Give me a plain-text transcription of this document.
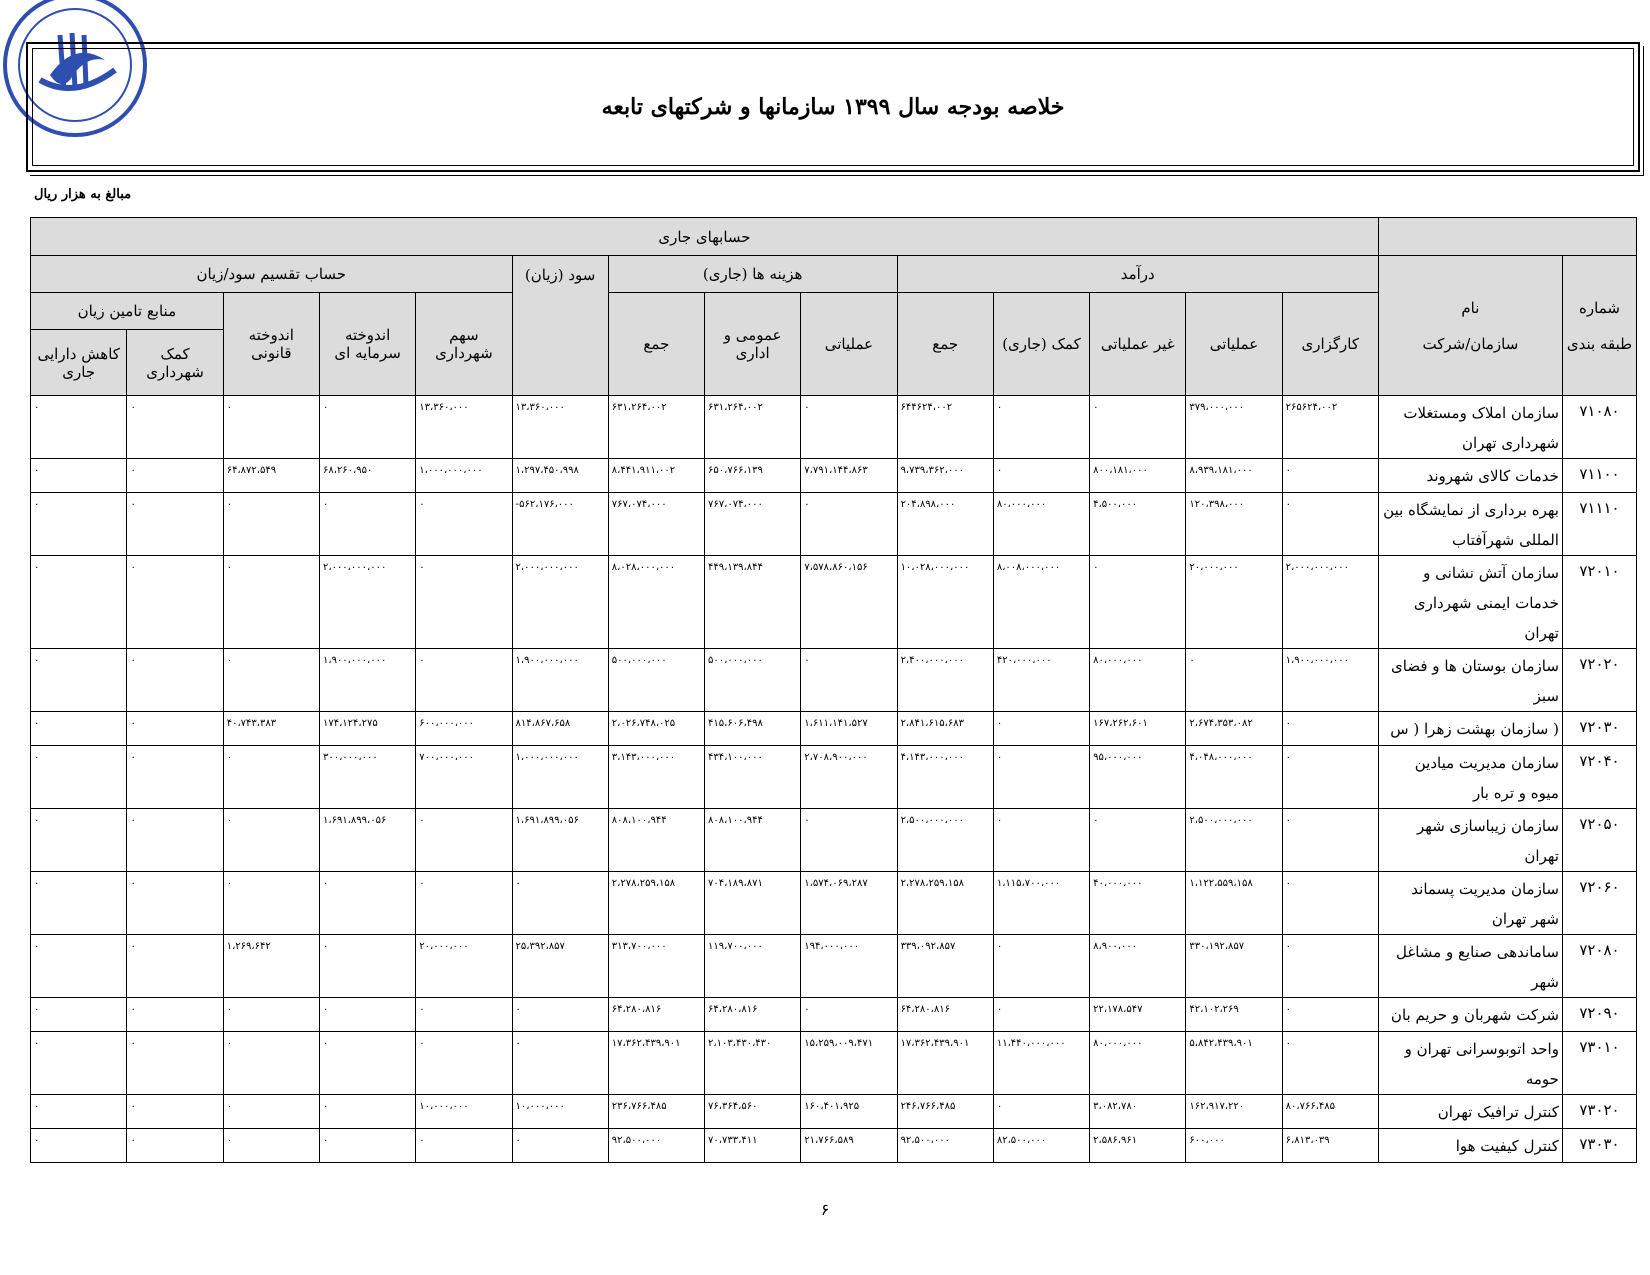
خلاصه بودجه سال ۱۳۹۹ سازمانها و شرکتهای تابعه
مبالغ به هزار ریال
		حسابهای جاری													
شماره

طبقه بندی	نام

سازمان/شرکت	درآمد					هزینه ها (جاری)			سود (زیان)	حساب تقسیم سود/زیان				
		کارگزاری	عملیاتی	غیر عملیاتی	کمک (جاری)	جمع	عملیاتی	عمومی و اداری	جمع		سهم شهرداری	اندوخته سرمایه ای	اندوخته قانونی	منابع تامین زیان	
														کمک شهرداری	کاهش دارایی جاری
۷۱۰۸۰	سازمان املاک ومستغلات شهرداری تهران	۲۶۵۶۲۴،۰۰۲	۳۷۹،۰۰۰،۰۰۰	۰	۰	۶۴۴۶۲۴،۰۰۲	۰	۶۳۱،۲۶۴،۰۰۲	۶۳۱،۲۶۴،۰۰۲	۱۳،۳۶۰،۰۰۰	۱۳،۳۶۰،۰۰۰	۰	۰	۰	۰
۷۱۱۰۰	خدمات کالای شهروند	۰	۸،۹۳۹،۱۸۱،۰۰۰	۸۰۰،۱۸۱،۰۰۰	۰	۹،۷۳۹،۳۶۲،۰۰۰	۷،۷۹۱،۱۴۴،۸۶۳	۶۵۰،۷۶۶،۱۳۹	۸،۴۴۱،۹۱۱،۰۰۲	۱،۲۹۷،۴۵۰،۹۹۸	۱،۰۰۰،۰۰۰،۰۰۰	۶۸،۲۶۰،۹۵۰	۶۴،۸۷۲،۵۴۹	۰	۰
۷۱۱۱۰	بهره برداری از نمایشگاه بین المللی شهرآفتاب	۰	۱۲۰،۳۹۸،۰۰۰	۴،۵۰۰،۰۰۰	۸۰،۰۰۰،۰۰۰	۲۰۴،۸۹۸،۰۰۰	۰	۷۶۷،۰۷۴،۰۰۰	۷۶۷،۰۷۴،۰۰۰	-۵۶۲،۱۷۶،۰۰۰	۰	۰	۰	۰	۰
۷۲۰۱۰	سازمان آتش نشانی و خدمات ایمنی شهرداری تهران	۲،۰۰۰،۰۰۰،۰۰۰	۲۰،۰۰۰،۰۰۰	۰	۸،۰۰۸،۰۰۰،۰۰۰	۱۰،۰۲۸،۰۰۰،۰۰۰	۷،۵۷۸،۸۶۰،۱۵۶	۴۴۹،۱۳۹،۸۴۴	۸،۰۲۸،۰۰۰،۰۰۰	۲،۰۰۰،۰۰۰،۰۰۰	۰	۲،۰۰۰،۰۰۰،۰۰۰	۰	۰	۰
۷۲۰۲۰	سازمان بوستان ها و فضای سبز	۱،۹۰۰،۰۰۰،۰۰۰	۰	۸۰،۰۰۰،۰۰۰	۴۲۰،۰۰۰،۰۰۰	۲،۴۰۰،۰۰۰،۰۰۰	۰	۵۰۰،۰۰۰،۰۰۰	۵۰۰،۰۰۰،۰۰۰	۱،۹۰۰،۰۰۰،۰۰۰	۰	۱،۹۰۰،۰۰۰،۰۰۰	۰	۰	۰
۷۲۰۳۰	( سازمان بهشت زهرا ( س	۰	۲،۶۷۴،۳۵۳،۰۸۲	۱۶۷،۲۶۲،۶۰۱	۰	۲،۸۴۱،۶۱۵،۶۸۳	۱،۶۱۱،۱۴۱،۵۲۷	۴۱۵،۶۰۶،۴۹۸	۲،۰۲۶،۷۴۸،۰۲۵	۸۱۴،۸۶۷،۶۵۸	۶۰۰،۰۰۰،۰۰۰	۱۷۴،۱۲۴،۲۷۵	۴۰،۷۴۳،۳۸۳	۰	۰
۷۲۰۴۰	سازمان مدیریت میادین میوه و تره بار	۰	۴،۰۴۸،۰۰۰،۰۰۰	۹۵،۰۰۰،۰۰۰	۰	۴،۱۴۳،۰۰۰،۰۰۰	۲،۷۰۸،۹۰۰،۰۰۰	۴۳۴،۱۰۰،۰۰۰	۳،۱۴۳،۰۰۰،۰۰۰	۱،۰۰۰،۰۰۰،۰۰۰	۷۰۰،۰۰۰،۰۰۰	۳۰۰،۰۰۰،۰۰۰	۰	۰	۰
۷۲۰۵۰	سازمان زیباسازی شهر تهران	۰	۲،۵۰۰،۰۰۰،۰۰۰	۰	۰	۲،۵۰۰،۰۰۰،۰۰۰	۰	۸۰۸،۱۰۰،۹۴۴	۸۰۸،۱۰۰،۹۴۴	۱،۶۹۱،۸۹۹،۰۵۶	۰	۱،۶۹۱،۸۹۹،۰۵۶	۰	۰	۰
۷۲۰۶۰	سازمان مدیریت پسماند شهر تهران	۰	۱،۱۲۲،۵۵۹،۱۵۸	۴۰،۰۰۰،۰۰۰	۱،۱۱۵،۷۰۰،۰۰۰	۲،۲۷۸،۲۵۹،۱۵۸	۱،۵۷۴،۰۶۹،۲۸۷	۷۰۴،۱۸۹،۸۷۱	۲،۲۷۸،۲۵۹،۱۵۸	۰	۰	۰	۰	۰	۰
۷۲۰۸۰	ساماندهی صنایع و مشاغل شهر	۰	۳۳۰،۱۹۲،۸۵۷	۸،۹۰۰،۰۰۰	۰	۳۳۹،۰۹۲،۸۵۷	۱۹۴،۰۰۰،۰۰۰	۱۱۹،۷۰۰،۰۰۰	۳۱۳،۷۰۰،۰۰۰	۲۵،۳۹۲،۸۵۷	۲۰،۰۰۰،۰۰۰	۰	۱،۲۶۹،۶۴۲	۰	۰
۷۲۰۹۰	شرکت شهربان و حریم بان	۰	۴۲،۱۰۲،۲۶۹	۲۲،۱۷۸،۵۴۷	۰	۶۴،۲۸۰،۸۱۶	۰	۶۴،۲۸۰،۸۱۶	۶۴،۲۸۰،۸۱۶	۰	۰	۰	۰	۰	۰
۷۳۰۱۰	واحد اتوبوسرانی تهران و حومه	۰	۵،۸۴۲،۴۳۹،۹۰۱	۸۰،۰۰۰،۰۰۰	۱۱،۴۴۰،۰۰۰،۰۰۰	۱۷،۳۶۲،۴۳۹،۹۰۱	۱۵،۲۵۹،۰۰۹،۴۷۱	۲،۱۰۳،۴۳۰،۴۳۰	۱۷،۳۶۲،۴۳۹،۹۰۱	۰	۰	۰	۰	۰	۰
۷۳۰۲۰	کنترل ترافیک تهران	۸۰،۷۶۶،۴۸۵	۱۶۲،۹۱۷،۲۲۰	۳،۰۸۲،۷۸۰	۰	۲۴۶،۷۶۶،۴۸۵	۱۶۰،۴۰۱،۹۲۵	۷۶،۳۶۴،۵۶۰	۲۳۶،۷۶۶،۴۸۵	۱۰،۰۰۰،۰۰۰	۱۰،۰۰۰،۰۰۰	۰	۰	۰	۰
۷۳۰۳۰	کنترل کیفیت هوا	۶،۸۱۳،۰۳۹	۶۰۰،۰۰۰	۲،۵۸۶،۹۶۱	۸۲،۵۰۰،۰۰۰	۹۲،۵۰۰،۰۰۰	۲۱،۷۶۶،۵۸۹	۷۰،۷۳۳،۴۱۱	۹۲،۵۰۰،۰۰۰	۰	۰	۰	۰	۰	۰
۶
